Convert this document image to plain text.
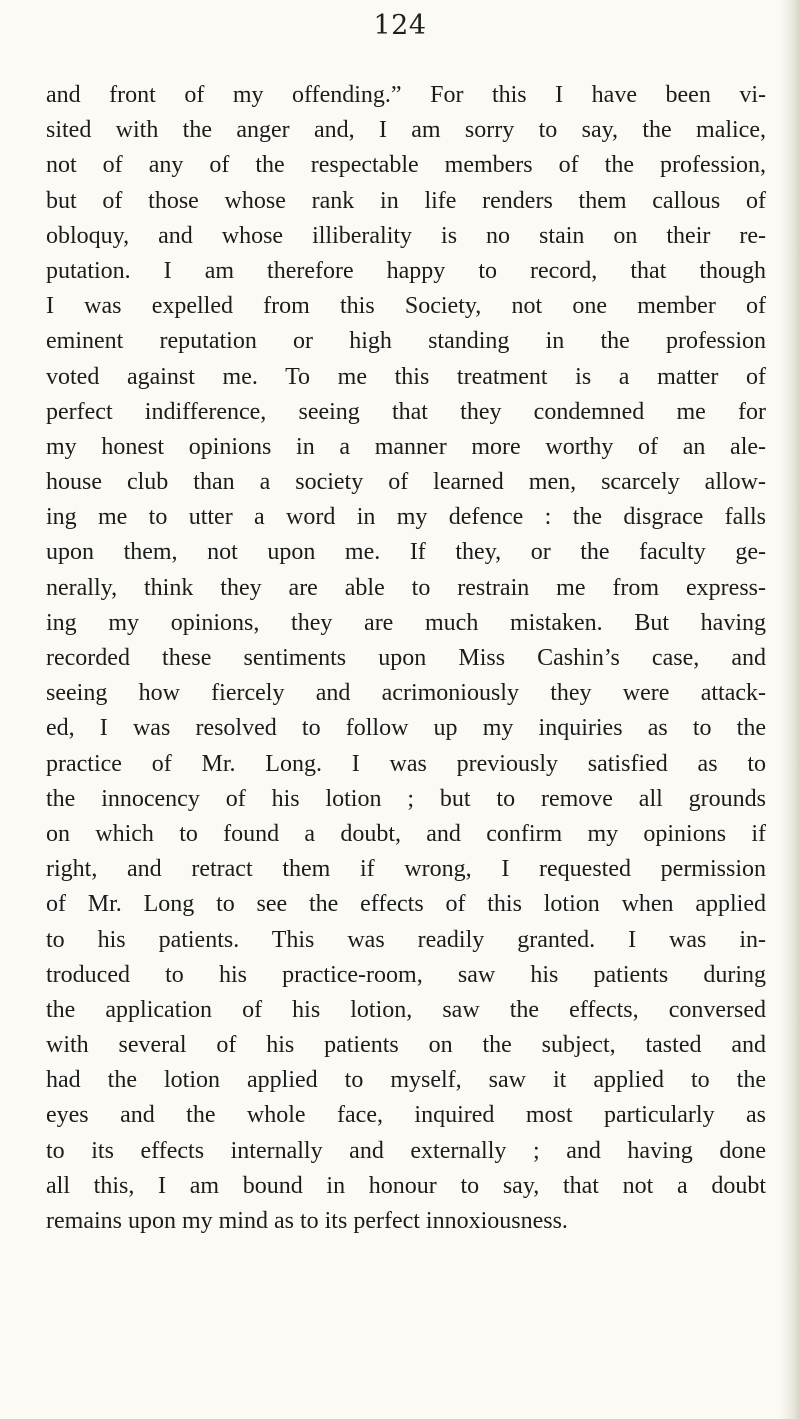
124
and front of my offending.” For this I have been vi-
sited with the anger and, I am sorry to say, the malice,
not of any of the respectable members of the profession,
but of those whose rank in life renders them callous of
obloquy, and whose illiberality is no stain on their re-
putation. I am therefore happy to record, that though
I was expelled from this Society, not one member of
eminent reputation or high standing in the profession
voted against me. To me this treatment is a matter of
perfect indifference, seeing that they condemned me for
my honest opinions in a manner more worthy of an ale-
house club than a society of learned men, scarcely allow-
ing me to utter a word in my defence : the disgrace falls
upon them, not upon me. If they, or the faculty ge-
nerally, think they are able to restrain me from express-
ing my opinions, they are much mistaken. But having
recorded these sentiments upon Miss Cashin’s case, and
seeing how fiercely and acrimoniously they were attack-
ed, I was resolved to follow up my inquiries as to the
practice of Mr. Long. I was previously satisfied as to
the innocency of his lotion ; but to remove all grounds
on which to found a doubt, and confirm my opinions if
right, and retract them if wrong, I requested permission
of Mr. Long to see the effects of this lotion when applied
to his patients. This was readily granted. I was in-
troduced to his practice-room, saw his patients during
the application of his lotion, saw the effects, conversed
with several of his patients on the subject, tasted and
had the lotion applied to myself, saw it applied to the
eyes and the whole face, inquired most particularly as
to its effects internally and externally ; and having done
all this, I am bound in honour to say, that not a doubt
remains upon my mind as to its perfect innoxiousness.
